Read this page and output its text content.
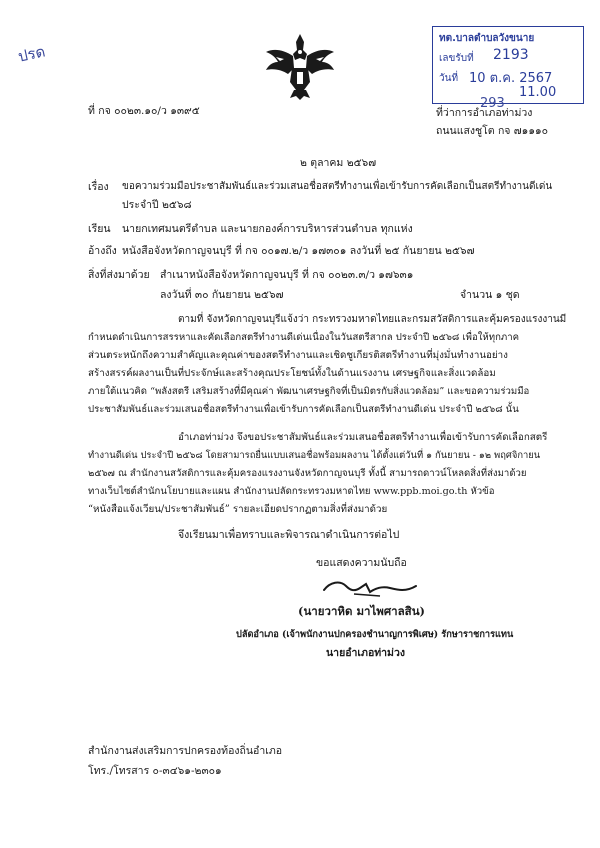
ปรด
ทต.บาลตำบลวังขนาย
เลขรับที่ 2193
วันที่ 10 ต.ค. 2567
11.00
293
ที่ กจ ๐๐๒๓.๑๐/ว ๑๓๙๕	ที่ว่าการอำเภอท่าม่วง
ถนนแสงชูโต กจ ๗๑๑๑๐
๒ ตุลาคม ๒๕๖๗
เรื่อง ขอความร่วมมือประชาสัมพันธ์และร่วมเสนอชื่อสตรีทำงานเพื่อเข้ารับการคัดเลือกเป็นสตรีทำงานดีเด่น
ประจำปี ๒๕๖๘
เรียน นายกเทศมนตรีตำบล และนายกองค์การบริหารส่วนตำบล ทุกแห่ง
อ้างถึง หนังสือจังหวัดกาญจนบุรี ที่ กจ ๐๐๑๗.๒/ว ๑๗๓๐๑ ลงวันที่ ๒๕ กันยายน ๒๕๖๗
สิ่งที่ส่งมาด้วย สำเนาหนังสือจังหวัดกาญจนบุรี ที่ กจ ๐๐๒๓.๓/ว ๑๗๖๓๑
ลงวันที่ ๓๐ กันยายน ๒๕๖๗	จำนวน ๑ ชุด
ตามที่ จังหวัดกาญจนบุรีแจ้งว่า กระทรวงมหาดไทยและกรมสวัสดิการและคุ้มครองแรงงานมี
กำหนดดำเนินการสรรหาและคัดเลือกสตรีทำงานดีเด่นเนื่องในวันสตรีสากล ประจำปี ๒๕๖๘ เพื่อให้ทุกภาค
ส่วนตระหนักถึงความสำคัญและคุณค่าของสตรีทำงานและเชิดชูเกียรติสตรีทำงานที่มุ่งมั่นทำงานอย่าง
สร้างสรรค์ผลงานเป็นที่ประจักษ์และสร้างคุณประโยชน์ทั้งในด้านแรงงาน เศรษฐกิจและสิ่งแวดล้อม
ภายใต้แนวคิด “พลังสตรี เสริมสร้างที่มีคุณค่า พัฒนาเศรษฐกิจที่เป็นมิตรกับสิ่งแวดล้อม” และขอความร่วมมือ
ประชาสัมพันธ์และร่วมเสนอชื่อสตรีทำงานเพื่อเข้ารับการคัดเลือกเป็นสตรีทำงานดีเด่น ประจำปี ๒๕๖๘ นั้น
อำเภอท่าม่วง จึงขอประชาสัมพันธ์และร่วมเสนอชื่อสตรีทำงานเพื่อเข้ารับการคัดเลือกสตรี
ทำงานดีเด่น ประจำปี ๒๕๖๘ โดยสามารถยื่นแบบเสนอชื่อพร้อมผลงาน ได้ตั้งแต่วันที่ ๑ กันยายน - ๑๒ พฤศจิกายน
๒๕๖๗ ณ สำนักงานสวัสดิการและคุ้มครองแรงงานจังหวัดกาญจนบุรี ทั้งนี้ สามารถดาวน์โหลดสิ่งที่ส่งมาด้วย
ทางเว็บไซต์สำนักนโยบายและแผน สำนักงานปลัดกระทรวงมหาดไทย www.ppb.moi.go.th หัวข้อ
“หนังสือแจ้งเวียน/ประชาสัมพันธ์” รายละเอียดปรากฏตามสิ่งที่ส่งมาด้วย
จึงเรียนมาเพื่อทราบและพิจารณาดำเนินการต่อไป
ขอแสดงความนับถือ
(นายวาหิด มาไพศาลสิน)
ปลัดอำเภอ (เจ้าพนักงานปกครองชำนาญการพิเศษ) รักษาราชการแทน
นายอำเภอท่าม่วง
สำนักงานส่งเสริมการปกครองท้องถิ่นอำเภอ
โทร./โทรสาร ๐-๓๔๖๑-๒๓๐๑
